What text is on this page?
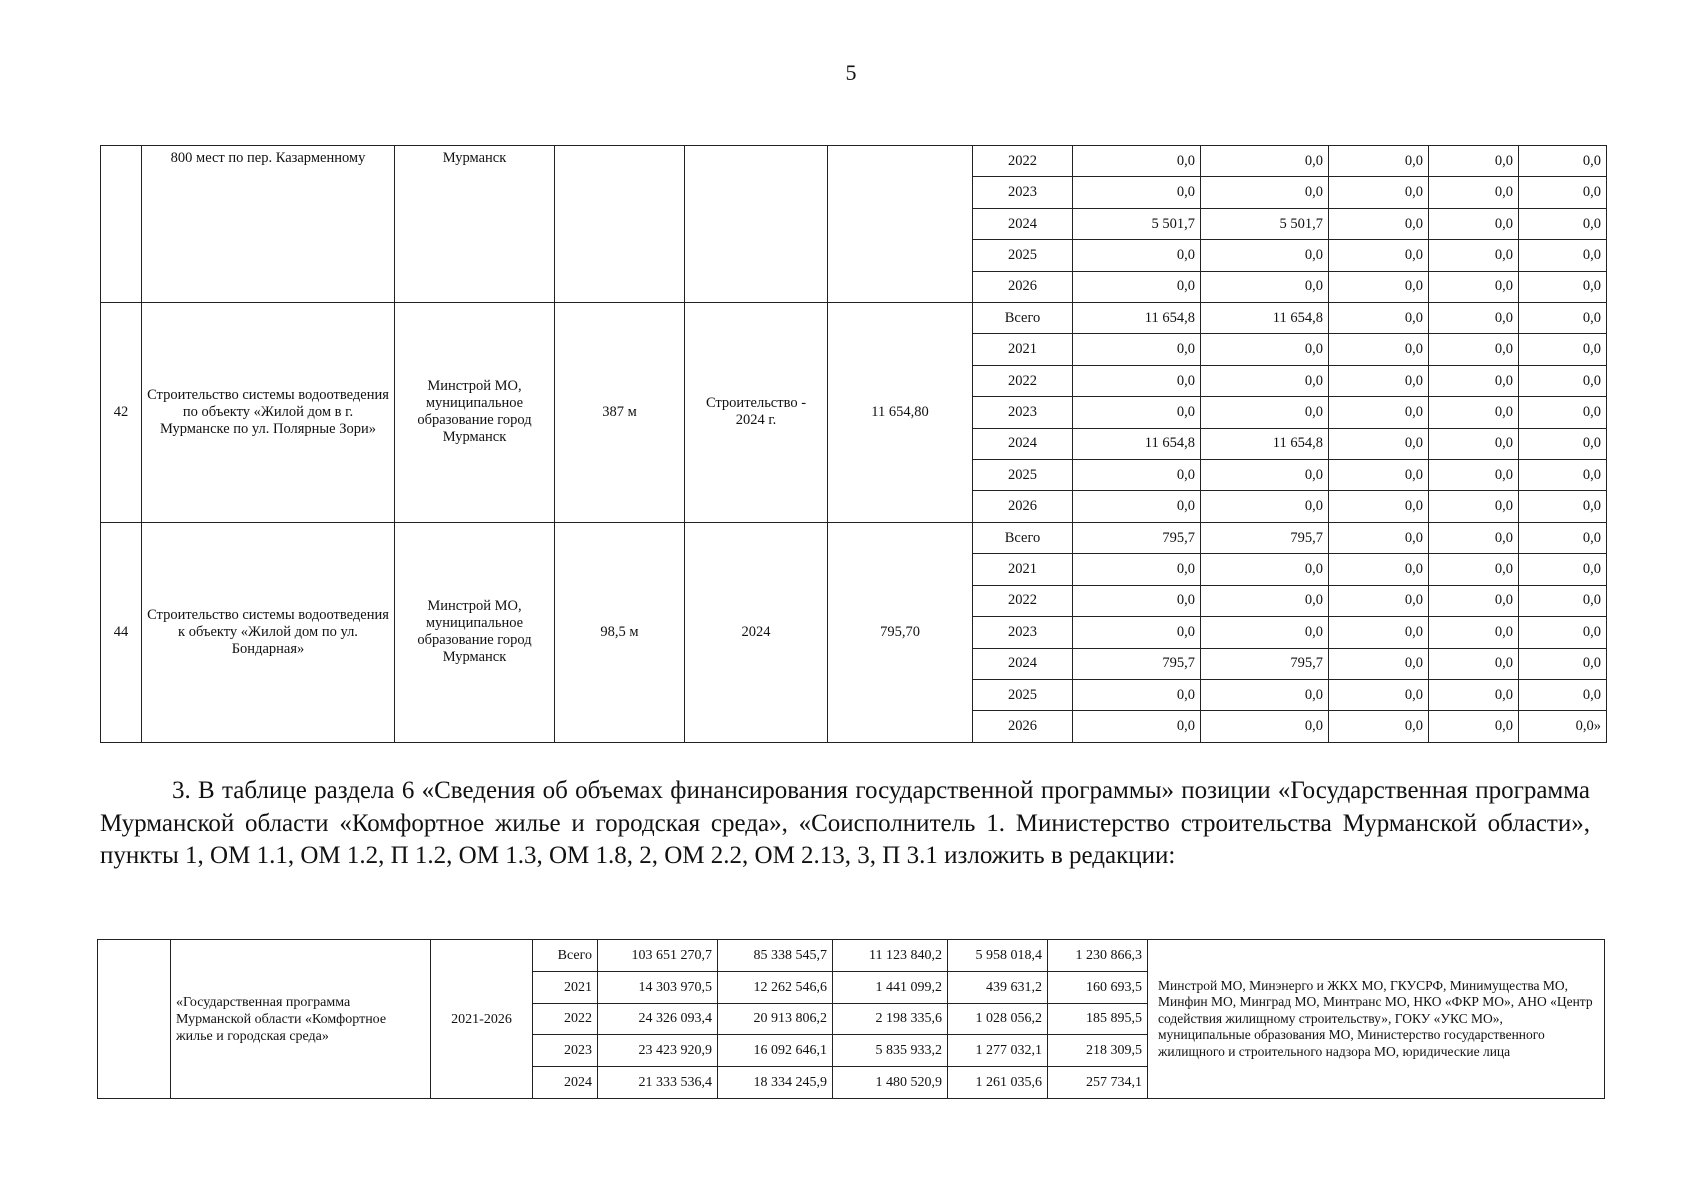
5
	800 мест по пер. Казарменному	Мурманск				2022	0,0	0,0	0,0	0,0	0,0
						2023	0,0	0,0	0,0	0,0	0,0
						2024	5 501,7	5 501,7	0,0	0,0	0,0
						2025	0,0	0,0	0,0	0,0	0,0
						2026	0,0	0,0	0,0	0,0	0,0
42	Строительство системы водоотведения по объекту «Жилой дом в г. Мурманске по ул. Полярные Зори»	Минстрой МО, муниципальное образование город Мурманск	387 м	Строительство - 2024 г.	11 654,80	Всего	11 654,8	11 654,8	0,0	0,0	0,0
						2021	0,0	0,0	0,0	0,0	0,0
						2022	0,0	0,0	0,0	0,0	0,0
						2023	0,0	0,0	0,0	0,0	0,0
						2024	11 654,8	11 654,8	0,0	0,0	0,0
						2025	0,0	0,0	0,0	0,0	0,0
						2026	0,0	0,0	0,0	0,0	0,0
44	Строительство системы водоотведения к объекту «Жилой дом по ул. Бондарная»	Минстрой МО, муниципальное образование город Мурманск	98,5 м	2024	795,70	Всего	795,7	795,7	0,0	0,0	0,0
						2021	0,0	0,0	0,0	0,0	0,0
						2022	0,0	0,0	0,0	0,0	0,0
						2023	0,0	0,0	0,0	0,0	0,0
						2024	795,7	795,7	0,0	0,0	0,0
						2025	0,0	0,0	0,0	0,0	0,0
						2026	0,0	0,0	0,0	0,0	0,0»
3. В таблице раздела 6 «Сведения об объемах финансирования государственной программы» позиции «Государственная программа Мурманской области «Комфортное жилье и городская среда», «Соисполнитель 1. Министерство строительства Мурманской области», пункты 1, ОМ 1.1, ОМ 1.2, П 1.2, ОМ 1.3, ОМ 1.8, 2, ОМ 2.2, ОМ 2.13, 3, П 3.1 изложить в редакции:
	«Государственная программа Мурманской области «Комфортное жилье и городская среда»	2021-2026	Всего	103 651 270,7	85 338 545,7	11 123 840,2	5 958 018,4	1 230 866,3	Минстрой МО, Минэнерго и ЖКХ МО, ГКУСРФ, Минимущества МО, Минфин МО, Минград МО, Минтранс МО, НКО «ФКР МО», АНО «Центр содействия жилищному строительству», ГОКУ «УКС МО», муниципальные образования МО, Министерство государственного жилищного и строительного надзора МО, юридические лица
			2021	14 303 970,5	12 262 546,6	1 441 099,2	439 631,2	160 693,5	
			2022	24 326 093,4	20 913 806,2	2 198 335,6	1 028 056,2	185 895,5	
			2023	23 423 920,9	16 092 646,1	5 835 933,2	1 277 032,1	218 309,5	
			2024	21 333 536,4	18 334 245,9	1 480 520,9	1 261 035,6	257 734,1	
